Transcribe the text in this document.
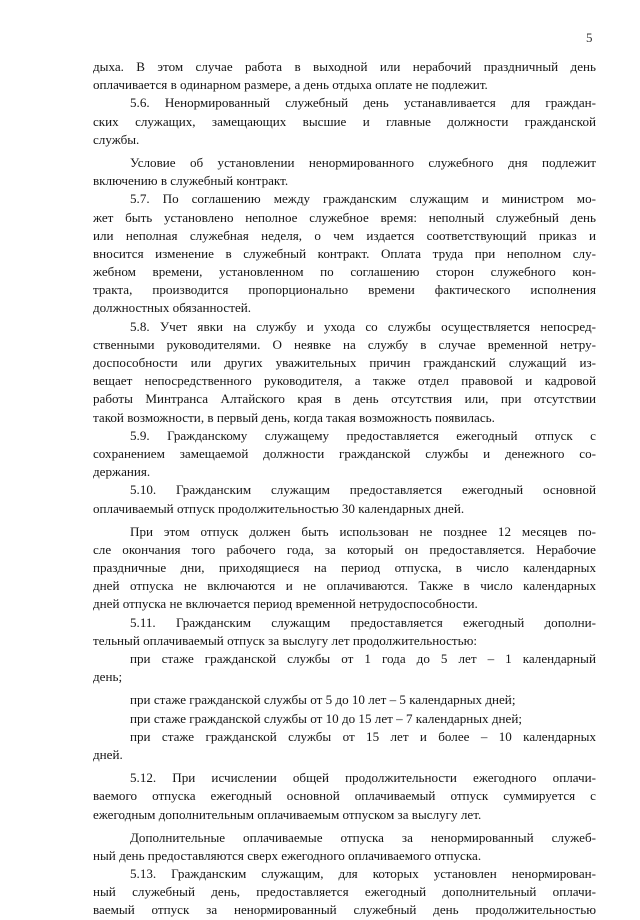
5
дыха. В этом случае работа в выходной или нерабочий праздничный день
оплачивается в одинарном размере, а день отдыха оплате не подлежит.
5.6. Ненормированный служебный день устанавливается для граждан-
ских служащих, замещающих высшие и главные должности гражданской
службы.
Условие об установлении ненормированного служебного дня подлежит
включению в служебный контракт.
5.7. По соглашению между гражданским служащим и министром мо-
жет быть установлено неполное служебное время: неполный служебный день
или неполная служебная неделя, о чем издается соответствующий приказ и
вносится изменение в служебный контракт. Оплата труда при неполном слу-
жебном времени, установленном по соглашению сторон служебного кон-
тракта, производится пропорционально времени фактического исполнения
должностных обязанностей.
5.8. Учет явки на службу и ухода со службы осуществляется непосред-
ственными руководителями. О неявке на службу в случае временной нетру-
доспособности или других уважительных причин гражданский служащий из-
вещает непосредственного руководителя, а также отдел правовой и кадровой
работы Минтранса Алтайского края в день отсутствия или, при отсутствии
такой возможности, в первый день, когда такая возможность появилась.
5.9. Гражданскому служащему предоставляется ежегодный отпуск с
сохранением замещаемой должности гражданской службы и денежного со-
держания.
5.10. Гражданским служащим предоставляется ежегодный основной
оплачиваемый отпуск продолжительностью 30 календарных дней.
При этом отпуск должен быть использован не позднее 12 месяцев по-
сле окончания того рабочего года, за который он предоставляется. Нерабочие
праздничные дни, приходящиеся на период отпуска, в число календарных
дней отпуска не включаются и не оплачиваются. Также в число календарных
дней отпуска не включается период временной нетрудоспособности.
5.11. Гражданским служащим предоставляется ежегодный дополни-
тельный оплачиваемый отпуск за выслугу лет продолжительностью:
при стаже гражданской службы от 1 года до 5 лет – 1 календарный
день;
при стаже гражданской службы от 5 до 10 лет – 5 календарных дней;
при стаже гражданской службы от 10 до 15 лет – 7 календарных дней;
при стаже гражданской службы от 15 лет и более – 10 календарных
дней.
5.12. При исчислении общей продолжительности ежегодного оплачи-
ваемого отпуска ежегодный основной оплачиваемый отпуск суммируется с
ежегодным дополнительным оплачиваемым отпуском за выслугу лет.
Дополнительные оплачиваемые отпуска за ненормированный служеб-
ный день предоставляются сверх ежегодного оплачиваемого отпуска.
5.13. Гражданским служащим, для которых установлен ненормирован-
ный служебный день, предоставляется ежегодный дополнительный оплачи-
ваемый отпуск за ненормированный служебный день продолжительностью
